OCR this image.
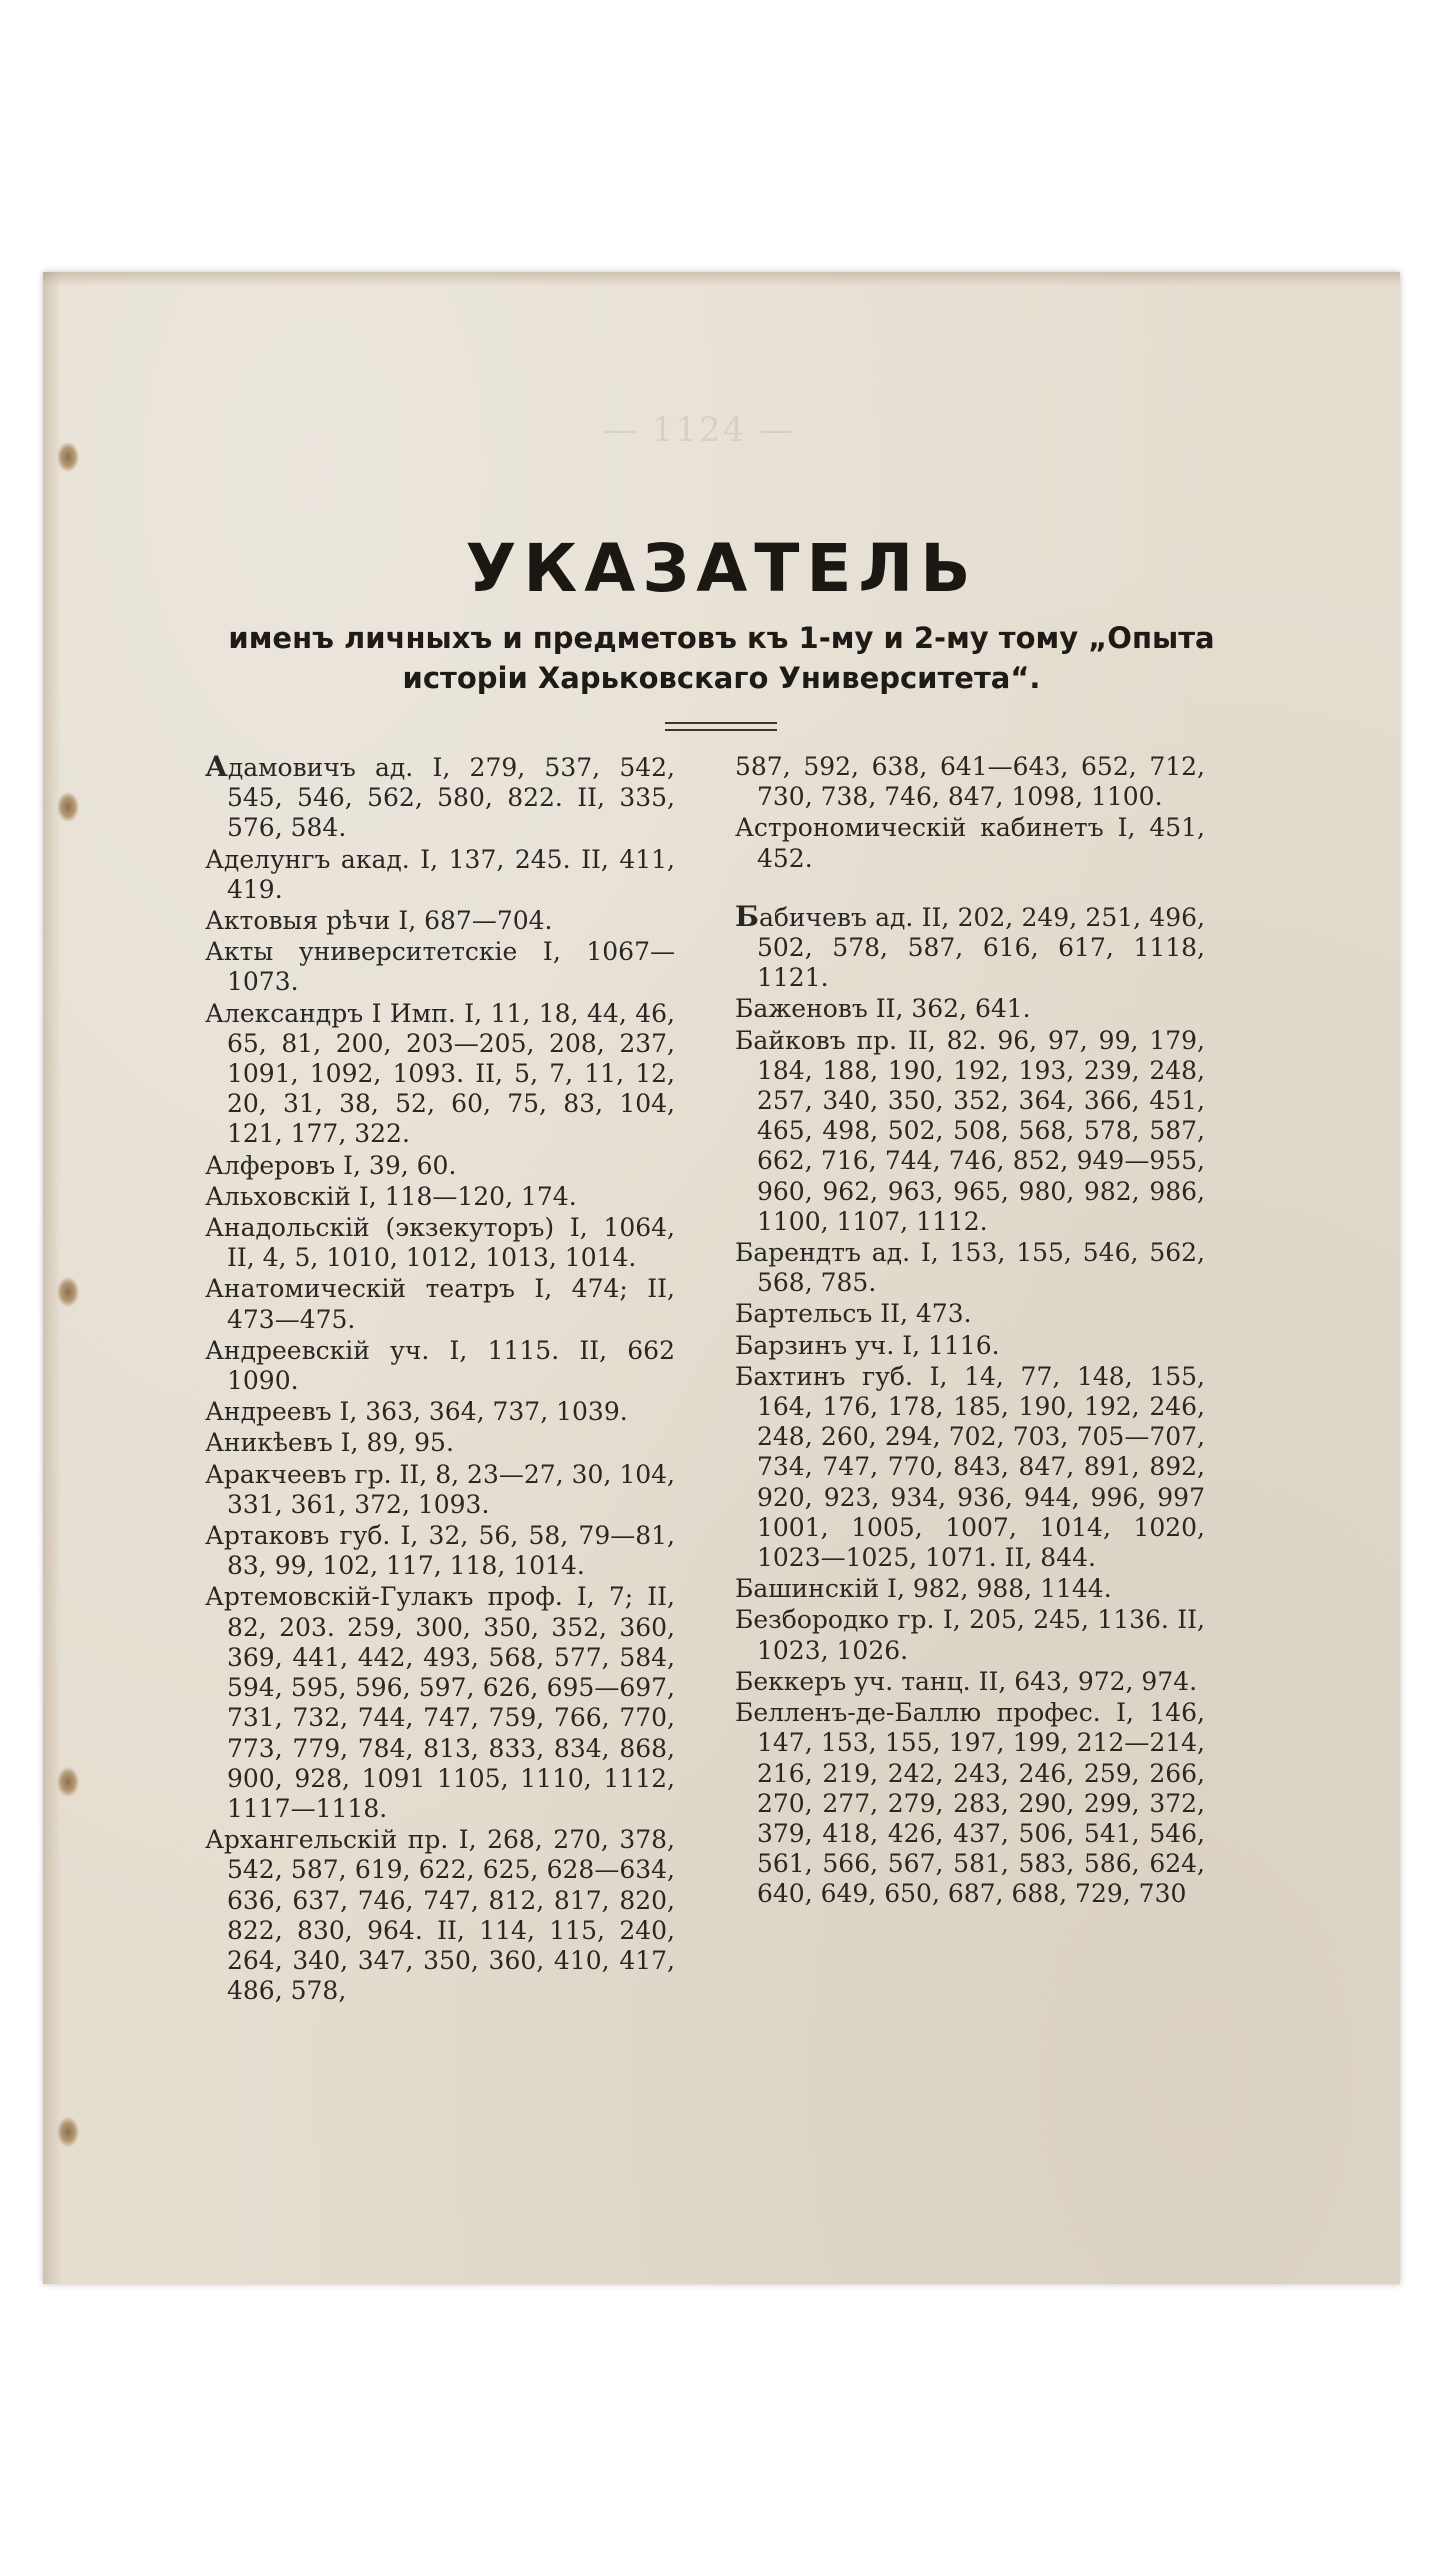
— 1124 —
УКАЗАТЕЛЬ
именъ личныхъ и предметовъ къ 1-му и 2-му тому „Опыта исторiи Харьковскаго Университета“.
Адамовичъ ад. I, 279, 537, 542, 545, 546, 562, 580, 822. II, 335, 576, 584.
Аделунгъ акад. I, 137, 245. II, 411, 419.
Актовыя рѣчи I, 687—704.
Акты университетскiе I, 1067—1073.
Александръ I Имп. I, 11, 18, 44, 46, 65, 81, 200, 203—205, 208, 237, 1091, 1092, 1093. II, 5, 7, 11, 12, 20, 31, 38, 52, 60, 75, 83, 104, 121, 177, 322.
Алферовъ I, 39, 60.
Альховскiй I, 118—120, 174.
Анадольскiй (экзекуторъ) I, 1064, II, 4, 5, 1010, 1012, 1013, 1014.
Анатомическiй театръ I, 474; II, 473—475.
Андреевскiй уч. I, 1115. II, 662 1090.
Андреевъ I, 363, 364, 737, 1039.
Аникѣевъ I, 89, 95.
Аракчеевъ гр. II, 8, 23—27, 30, 104, 331, 361, 372, 1093.
Артаковъ губ. I, 32, 56, 58, 79—81, 83, 99, 102, 117, 118, 1014.
Артемовскiй-Гулакъ проф. I, 7; II, 82, 203. 259, 300, 350, 352, 360, 369, 441, 442, 493, 568, 577, 584, 594, 595, 596, 597, 626, 695—697, 731, 732, 744, 747, 759, 766, 770, 773, 779, 784, 813, 833, 834, 868, 900, 928, 1091 1105, 1110, 1112, 1117—1118.
Архангельскiй пр. I, 268, 270, 378, 542, 587, 619, 622, 625, 628—634, 636, 637, 746, 747, 812, 817, 820, 822, 830, 964. II, 114, 115, 240, 264, 340, 347, 350, 360, 410, 417, 486, 578,
587, 592, 638, 641—643, 652, 712, 730, 738, 746, 847, 1098, 1100.
Астрономическiй кабинетъ I, 451, 452.
Бабичевъ ад. II, 202, 249, 251, 496, 502, 578, 587, 616, 617, 1118, 1121.
Баженовъ II, 362, 641.
Байковъ пр. II, 82. 96, 97, 99, 179, 184, 188, 190, 192, 193, 239, 248, 257, 340, 350, 352, 364, 366, 451, 465, 498, 502, 508, 568, 578, 587, 662, 716, 744, 746, 852, 949—955, 960, 962, 963, 965, 980, 982, 986, 1100, 1107, 1112.
Барендтъ ад. I, 153, 155, 546, 562, 568, 785.
Бартельсъ II, 473.
Барзинъ уч. I, 1116.
Бахтинъ губ. I, 14, 77, 148, 155, 164, 176, 178, 185, 190, 192, 246, 248, 260, 294, 702, 703, 705—707, 734, 747, 770, 843, 847, 891, 892, 920, 923, 934, 936, 944, 996, 997 1001, 1005, 1007, 1014, 1020, 1023—1025, 1071. II, 844.
Башинскiй I, 982, 988, 1144.
Безбородко гр. I, 205, 245, 1136. II, 1023, 1026.
Беккеръ уч. танц. II, 643, 972, 974.
Белленъ-де-Баллю профес. I, 146, 147, 153, 155, 197, 199, 212—214, 216, 219, 242, 243, 246, 259, 266, 270, 277, 279, 283, 290, 299, 372, 379, 418, 426, 437, 506, 541, 546, 561, 566, 567, 581, 583, 586, 624, 640, 649, 650, 687, 688, 729, 730
